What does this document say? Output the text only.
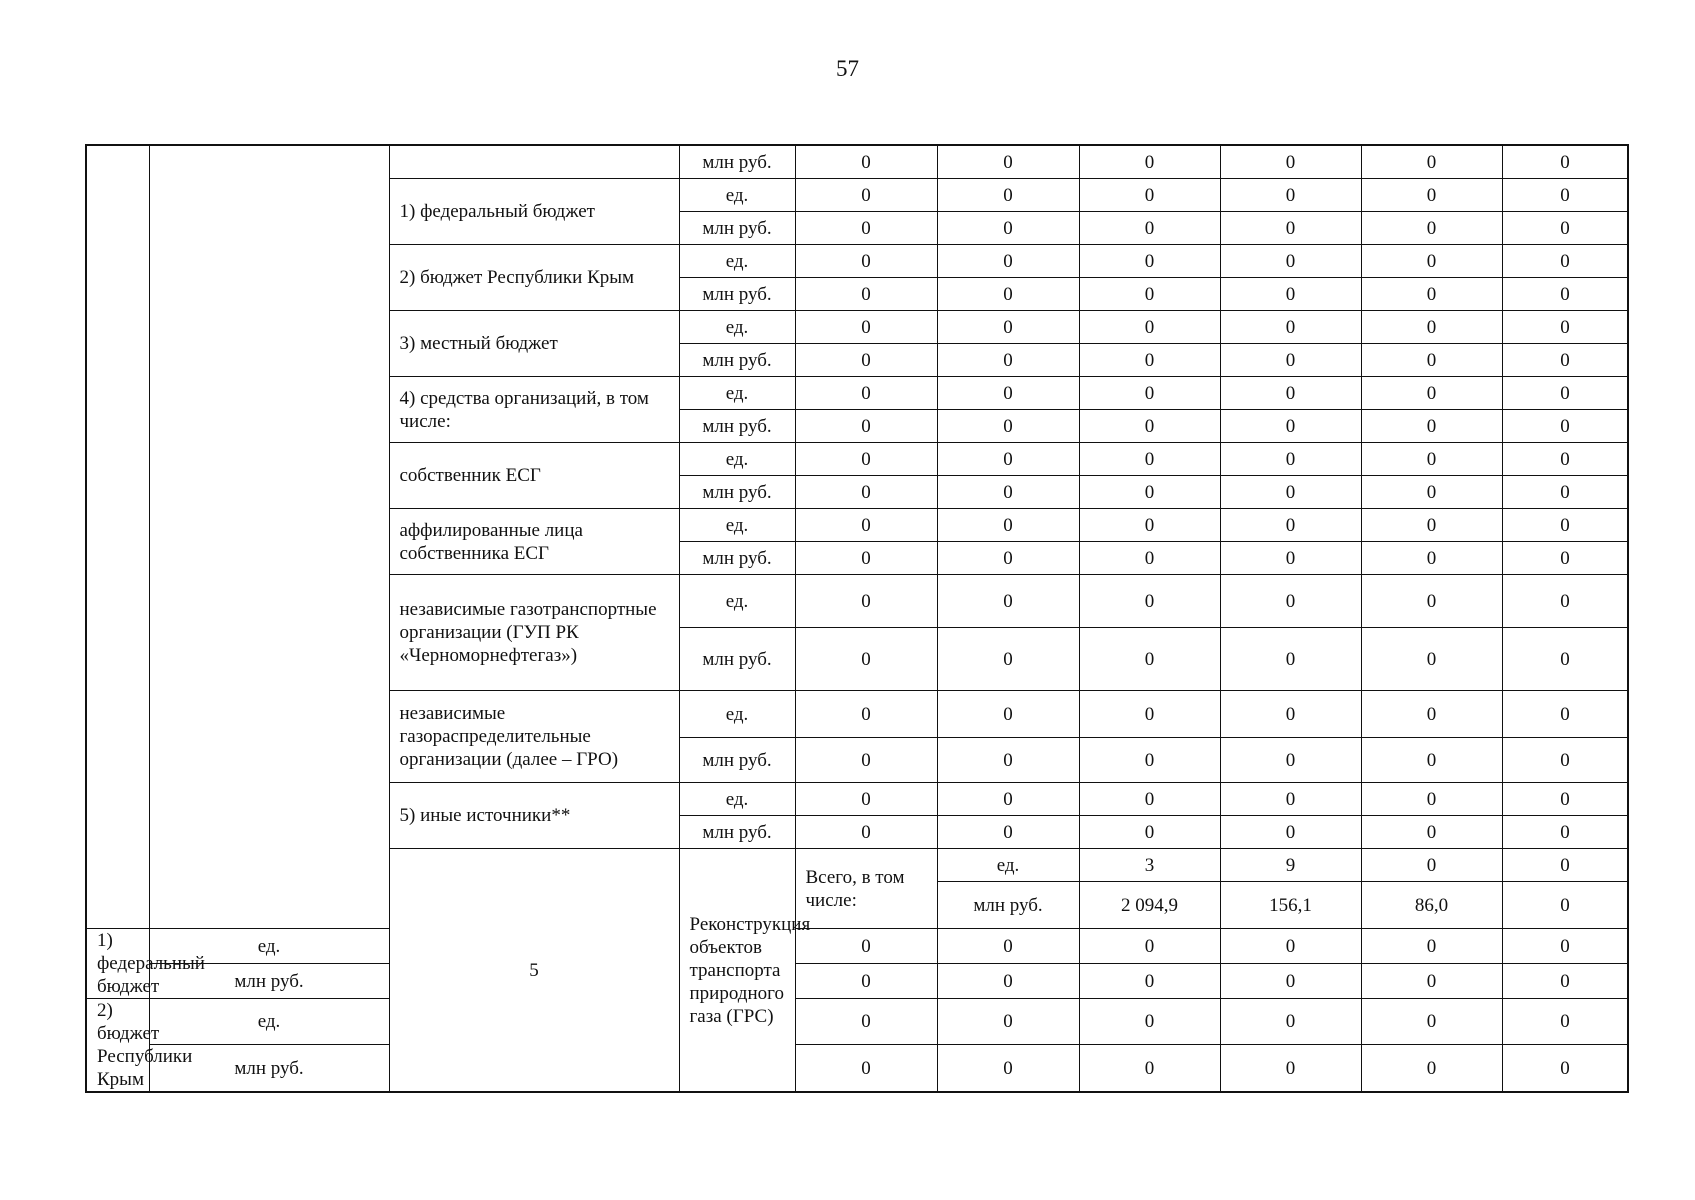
57
			млн руб.	0	0	0	0	0	0	
		1) федеральный бюджет	ед.	0	0	0	0	0	0	
			млн руб.	0	0	0	0	0	0	
		2) бюджет Республики Крым	ед.	0	0	0	0	0	0	
			млн руб.	0	0	0	0	0	0	
		3) местный бюджет	ед.	0	0	0	0	0	0	
			млн руб.	0	0	0	0	0	0	
		4) средства организаций, в том числе:	ед.	0	0	0	0	0	0	
			млн руб.	0	0	0	0	0	0	
		собственник ЕСГ	ед.	0	0	0	0	0	0	
			млн руб.	0	0	0	0	0	0	
		аффилированные лица собственника ЕСГ	ед.	0	0	0	0	0	0	
			млн руб.	0	0	0	0	0	0	
		независимые газотранспортные организации (ГУП РК «Черноморнефтегаз»)	ед.	0	0	0	0	0	0	
			млн руб.	0	0	0	0	0	0	
		независимые газораспределительные организации (далее – ГРО)	ед.	0	0	0	0	0	0	
			млн руб.	0	0	0	0	0	0	
		5) иные источники**	ед.	0	0	0	0	0	0	
			млн руб.	0	0	0	0	0	0	
		5	Реконструкция объектов транспорта природного газа (ГРС)	Всего, в том числе:	ед.	3	9	0	0		
					млн руб.	2 094,9	156,1	86,0	0		
1) федеральный бюджет	ед.			0	0	0	0	0	0	
	млн руб.			0	0	0	0	0	0	
2) бюджет Республики Крым	ед.			0	0	0	0	0	0	
	млн руб.			0	0	0	0	0	0	
